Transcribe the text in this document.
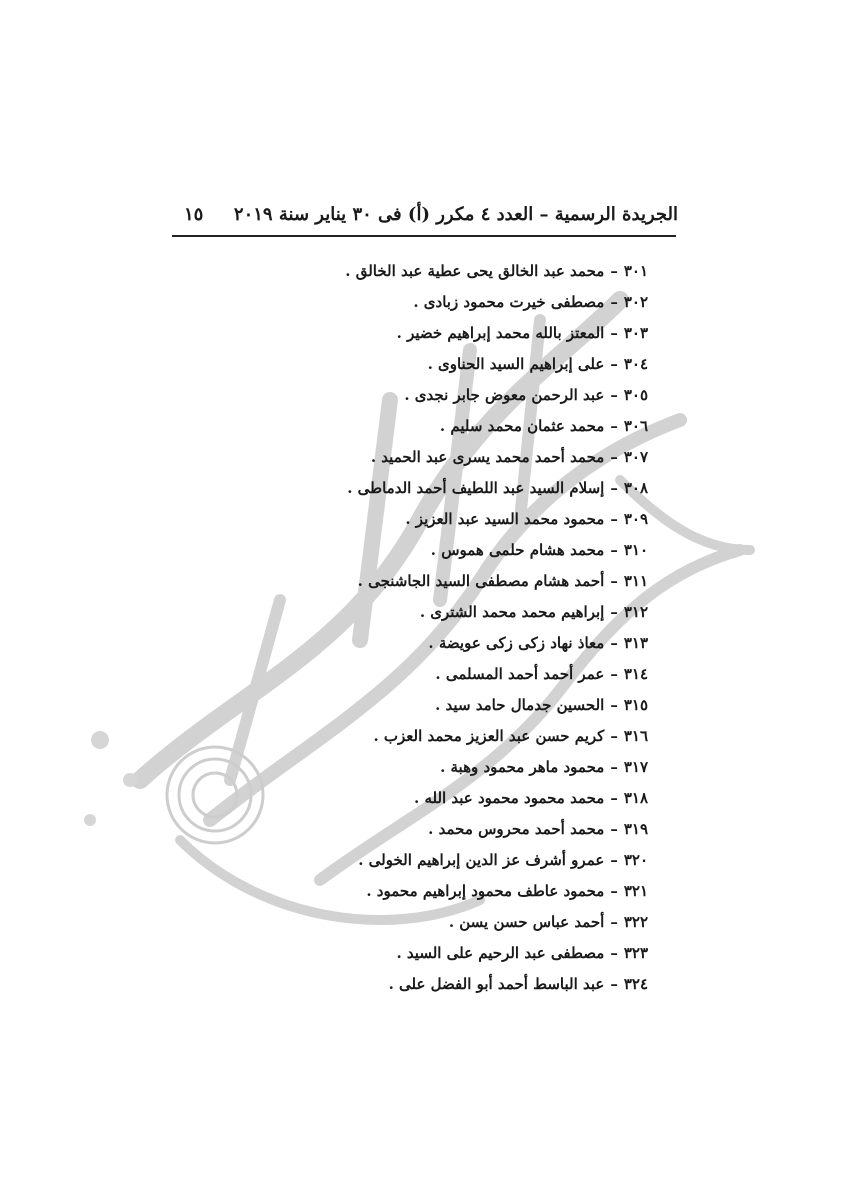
١٥ الجريدة الرسمية – العدد ٤ مكرر (أ) فى ٣٠ يناير سنة ٢٠١٩
٣٠١–محمد عبد الخالق يحى عطية عبد الخالق .
٣٠٢–مصطفى خيرت محمود زبادى .
٣٠٣–المعتز بالله محمد إبراهيم خضير .
٣٠٤–على إبراهيم السيد الحناوى .
٣٠٥–عبد الرحمن معوض جابر نجدى .
٣٠٦–محمد عثمان محمد سليم .
٣٠٧–محمد أحمد محمد يسرى عبد الحميد .
٣٠٨–إسلام السيد عبد اللطيف أحمد الدماطى .
٣٠٩–محمود محمد السيد عبد العزيز .
٣١٠–محمد هشام حلمى هموس .
٣١١–أحمد هشام مصطفى السيد الجاشنجى .
٣١٢–إبراهيم محمد محمد الشترى .
٣١٣–معاذ نهاد زكى زكى عويضة .
٣١٤–عمر أحمد أحمد المسلمى .
٣١٥–الحسين جدمال حامد سيد .
٣١٦–كريم حسن عبد العزيز محمد العزب .
٣١٧–محمود ماهر محمود وهبة .
٣١٨–محمد محمود محمود عبد الله .
٣١٩–محمد أحمد محروس محمد .
٣٢٠–عمرو أشرف عز الدين إبراهيم الخولى .
٣٢١–محمود عاطف محمود إبراهيم محمود .
٣٢٢–أحمد عباس حسن يسن .
٣٢٣–مصطفى عبد الرحيم على السيد .
٣٢٤–عبد الباسط أحمد أبو الفضل على .
